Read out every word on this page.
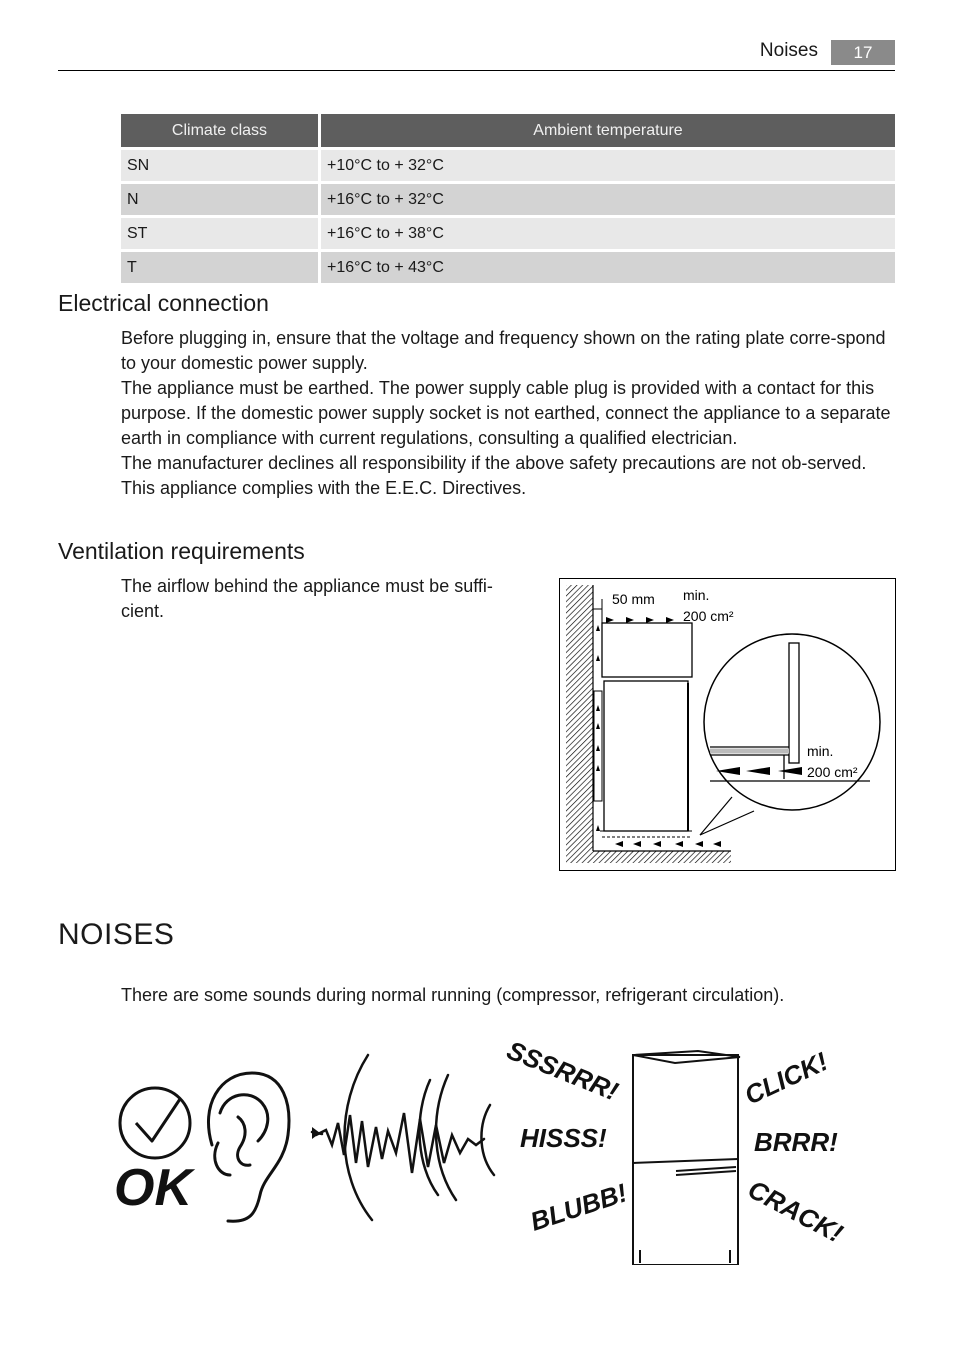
Noises	17
Climate class	Ambient temperature
SN	+10°C to + 32°C
N	+16°C to + 32°C
ST	+16°C to + 38°C
T	+16°C to + 43°C
Electrical connection

Before plugging in, ensure that the voltage and frequency shown on the rating plate corre-spond to your domestic power supply.

The appliance must be earthed. The power supply cable plug is provided with a contact for this purpose. If the domestic power supply socket is not earthed, connect the appliance to a separate earth in compliance with current regulations, consulting a qualified electrician.

The manufacturer declines all responsibility if the above safety precautions are not ob-served.

This appliance complies with the E.E.C. Directives.

Ventilation requirements
The airflow behind the appliance must be suffi-cient.
50 mm min.
200 cm²
min.
200 cm²
NOISES
There are some sounds during normal running (compressor, refrigerant circulation).
OK
SSSRRR!
HISSS!
BLUBB!
CLICK!
BRRR!
CRACK!
